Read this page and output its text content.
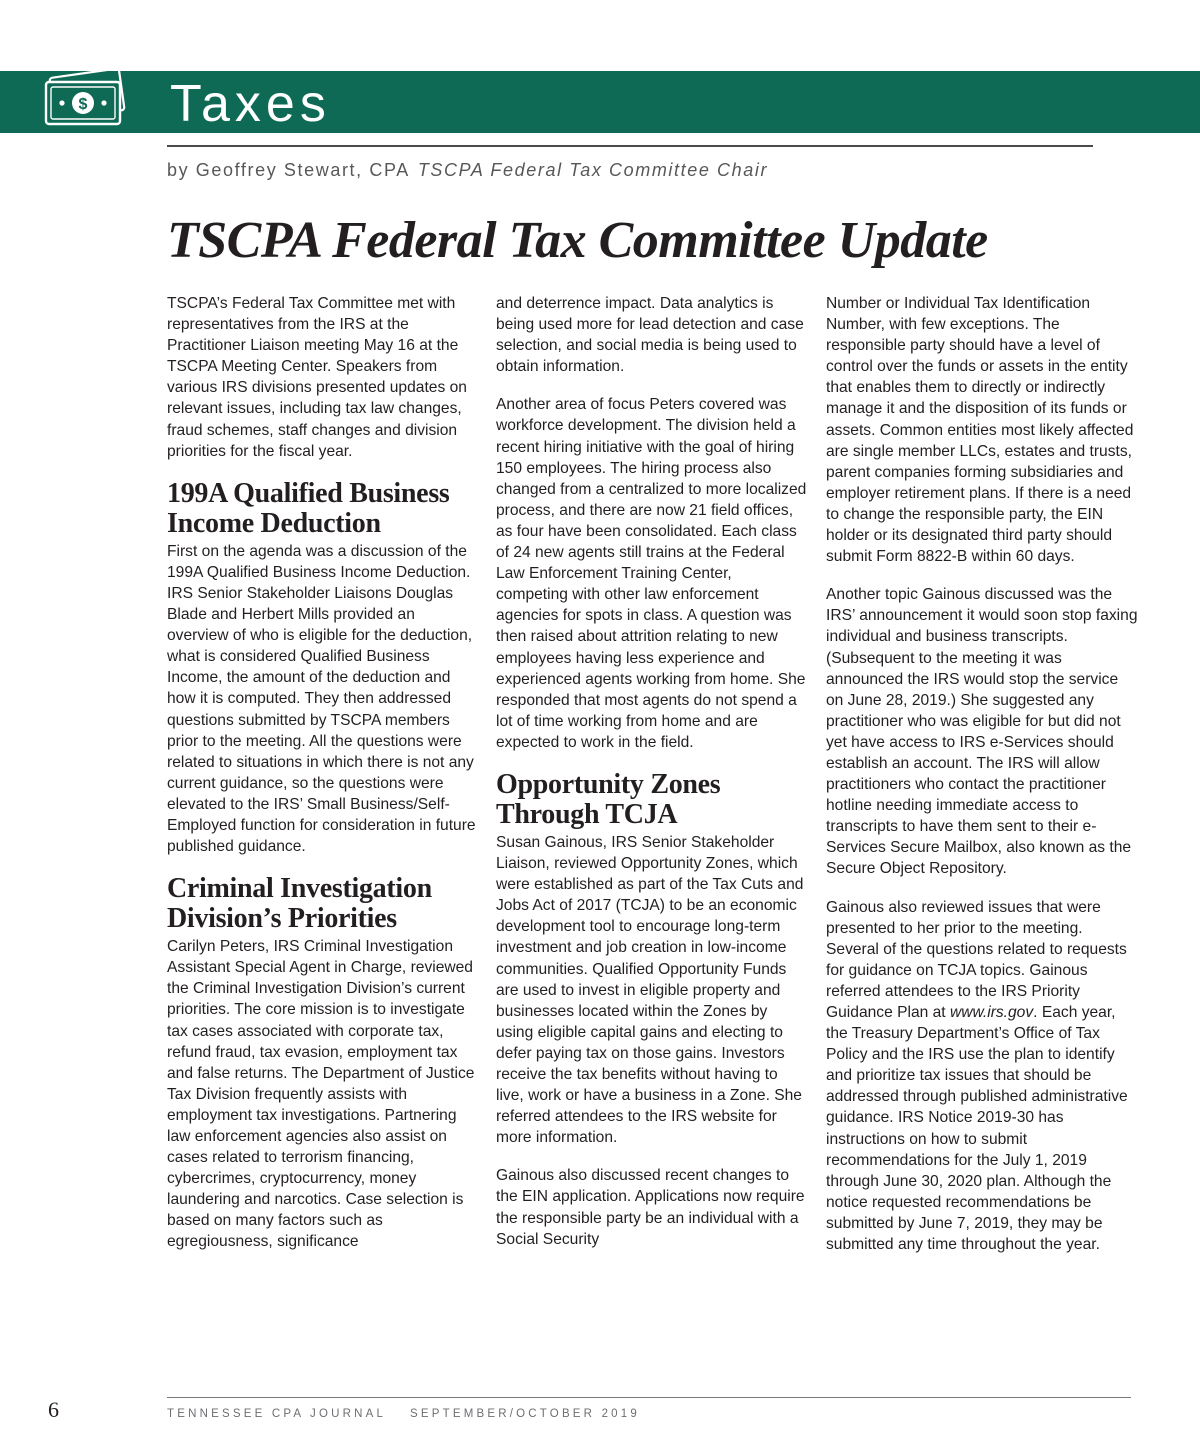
$ Taxes

by Geoffrey Stewart, CPA TSCPA Federal Tax Committee Chair

TSCPA Federal Tax Committee Update

TSCPA’s Federal Tax Committee met with representatives from the IRS at the Practitioner Liaison meeting May 16 at the TSCPA Meeting Center. Speakers from various IRS divisions presented updates on relevant issues, including tax law changes, fraud schemes, staff changes and division priorities for the fiscal year.

199A Qualified Business Income Deduction

First on the agenda was a discussion of the 199A Qualified Business Income Deduction. IRS Senior Stakeholder Liaisons Douglas Blade and Herbert Mills provided an overview of who is eligible for the deduction, what is considered Qualified Business Income, the amount of the deduction and how it is computed. They then addressed questions submitted by TSCPA members prior to the meeting. All the questions were related to situations in which there is not any current guidance, so the questions were elevated to the IRS’ Small Business/Self-Employed function for consideration in future published guidance.

Criminal Investigation Division’s Priorities

Carilyn Peters, IRS Criminal Investigation Assistant Special Agent in Charge, reviewed the Criminal Investigation Division’s current priorities. The core mission is to investigate tax cases associated with corporate tax, refund fraud, tax evasion, employment tax and false returns. The Department of Justice Tax Division frequently assists with employment tax investigations. Partnering law enforcement agencies also assist on cases related to terrorism financing, cybercrimes, cryptocurrency, money laundering and narcotics. Case selection is based on many factors such as egregiousness, significance

and deterrence impact. Data analytics is being used more for lead detection and case selection, and social media is being used to obtain information.

Another area of focus Peters covered was workforce development. The division held a recent hiring initiative with the goal of hiring 150 employees. The hiring process also changed from a centralized to more localized process, and there are now 21 field offices, as four have been consolidated. Each class of 24 new agents still trains at the Federal Law Enforcement Training Center, competing with other law enforcement agencies for spots in class. A question was then raised about attrition relating to new employees having less experience and experienced agents working from home. She responded that most agents do not spend a lot of time working from home and are expected to work in the field.

Opportunity Zones Through TCJA

Susan Gainous, IRS Senior Stakeholder Liaison, reviewed Opportunity Zones, which were established as part of the Tax Cuts and Jobs Act of 2017 (TCJA) to be an economic development tool to encourage long-term investment and job creation in low-income communities. Qualified Opportunity Funds are used to invest in eligible property and businesses located within the Zones by using eligible capital gains and electing to defer paying tax on those gains. Investors receive the tax benefits without having to live, work or have a business in a Zone. She referred attendees to the IRS website for more information.

Gainous also discussed recent changes to the EIN application. Applications now require the responsible party be an individual with a Social Security

Number or Individual Tax Identification Number, with few exceptions. The responsible party should have a level of control over the funds or assets in the entity that enables them to directly or indirectly manage it and the disposition of its funds or assets. Common entities most likely affected are single member LLCs, estates and trusts, parent companies forming subsidiaries and employer retirement plans. If there is a need to change the responsible party, the EIN holder or its designated third party should submit Form 8822-B within 60 days.

Another topic Gainous discussed was the IRS’ announcement it would soon stop faxing individual and business transcripts. (Subsequent to the meeting it was announced the IRS would stop the service on June 28, 2019.) She suggested any practitioner who was eligible for but did not yet have access to IRS e-Services should establish an account. The IRS will allow practitioners who contact the practitioner hotline needing immediate access to transcripts to have them sent to their e-Services Secure Mailbox, also known as the Secure Object Repository.

Gainous also reviewed issues that were presented to her prior to the meeting. Several of the questions related to requests for guidance on TCJA topics. Gainous referred attendees to the IRS Priority Guidance Plan at www.irs.gov. Each year, the Treasury Department’s Office of Tax Policy and the IRS use the plan to identify and prioritize tax issues that should be addressed through published administrative guidance. IRS Notice 2019-30 has instructions on how to submit recommendations for the July 1, 2019 through June 30, 2020 plan. Although the notice requested recommendations be submitted by June 7, 2019, they may be submitted any time throughout the year.

6	TENNESSEE CPA JOURNAL SEPTEMBER/OCTOBER 2019
